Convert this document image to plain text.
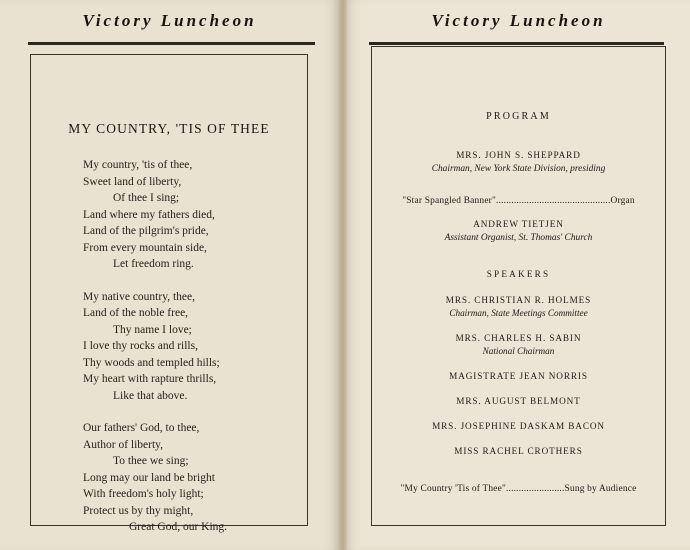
Victory Luncheon
MY COUNTRY, 'TIS OF THEE
My country, 'tis of thee,
Sweet land of liberty,
Of thee I sing;
Land where my fathers died,
Land of the pilgrim's pride,
From every mountain side,
Let freedom ring.
My native country, thee,
Land of the noble free,
Thy name I love;
I love thy rocks and rills,
Thy woods and templed hills;
My heart with rapture thrills,
Like that above.
Our fathers' God, to thee,
Author of liberty,
To thee we sing;
Long may our land be bright
With freedom's holy light;
Protect us by thy might,
Great God, our King.
Victory Luncheon
PROGRAM
MRS. JOHN S. SHEPPARD
Chairman, New York State Division, presiding
"Star Spangled Banner".............................................Organ
ANDREW TIETJEN
Assistant Organist, St. Thomas' Church
SPEAKERS
MRS. CHRISTIAN R. HOLMES
Chairman, State Meetings Committee
MRS. CHARLES H. SABIN
National Chairman
MAGISTRATE JEAN NORRIS
MRS. AUGUST BELMONT
MRS. JOSEPHINE DASKAM BACON
MISS RACHEL CROTHERS
"My Country 'Tis of Thee".......................Sung by Audience
